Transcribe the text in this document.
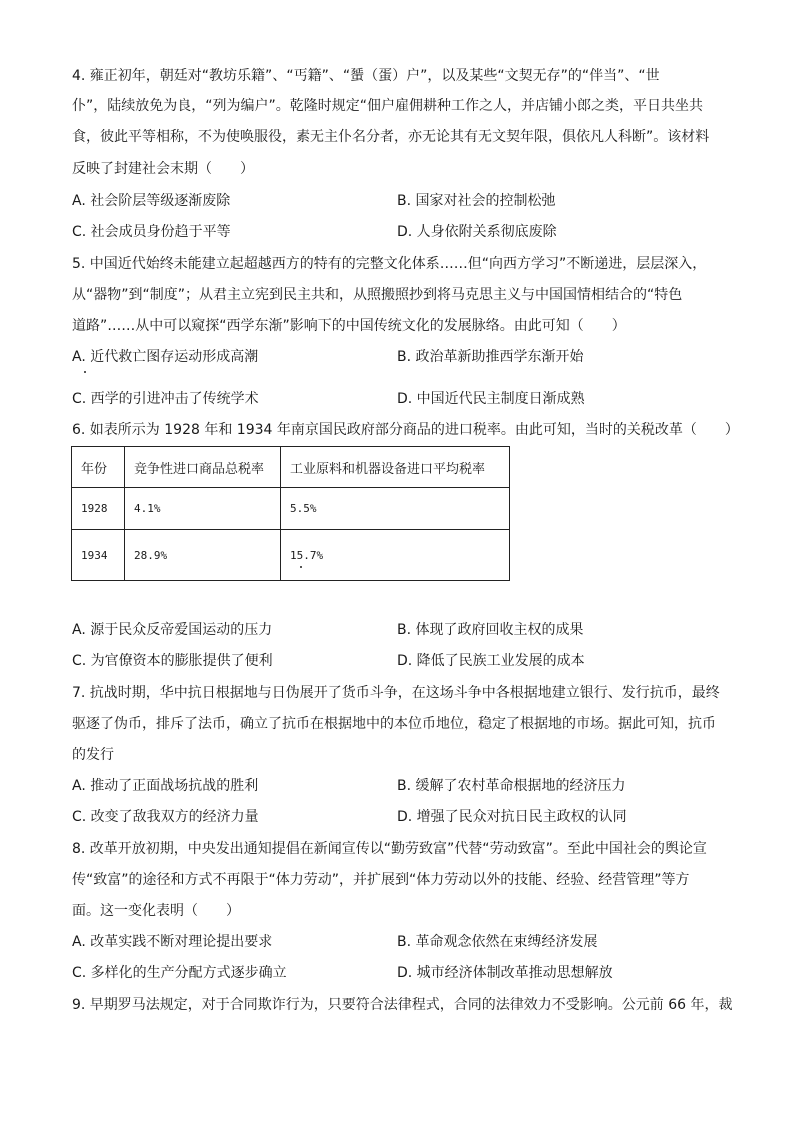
4. 雍正初年，朝廷对“教坊乐籍”、“丐籍”、“蜑（蛋）户”，以及某些“文契无存”的“伴当”、“世
仆”，陆续放免为良，“列为编户”。乾隆时规定“佃户雇佣耕种工作之人，并店铺小郎之类，平日共坐共
食，彼此平等相称，不为使唤服役，素无主仆名分者，亦无论其有无文契年限，俱依凡人科断”。该材料
反映了封建社会末期（　　）
A. 社会阶层等级逐渐废除	B. 国家对社会的控制松弛
C. 社会成员身份趋于平等	D. 人身依附关系彻底废除
5. 中国近代始终未能建立起超越西方的特有的完整文化体系……但“向西方学习”不断递进，层层深入，
从“器物”到“制度”；从君主立宪到民主共和，从照搬照抄到将马克思主义与中国国情相结合的“特色
道路”……从中可以窥探“西学东渐”影响下的中国传统文化的发展脉络。由此可知（　　）
A. 近代救亡图存运动形成高潮	B. 政治革新助推西学东渐开始
C. 西学的引进冲击了传统学术	D. 中国近代民主制度日渐成熟
6. 如表所示为 1928 年和 1934 年南京国民政府部分商品的进口税率。由此可知，当时的关税改革（　　）
年份	竞争性进口商品总税率	工业原料和机器设备进口平均税率
1928	4.1%	5.5%
1934	28.9%	15.7%
A. 源于民众反帝爱国运动的压力	B. 体现了政府回收主权的成果
C. 为官僚资本的膨胀提供了便利	D. 降低了民族工业发展的成本
7. 抗战时期，华中抗日根据地与日伪展开了货币斗争，在这场斗争中各根据地建立银行、发行抗币，最终
驱逐了伪币，排斥了法币，确立了抗币在根据地中的本位币地位，稳定了根据地的市场。据此可知，抗币
的发行
A. 推动了正面战场抗战的胜利	B. 缓解了农村革命根据地的经济压力
C. 改变了敌我双方的经济力量	D. 增强了民众对抗日民主政权的认同
8. 改革开放初期，中央发出通知提倡在新闻宣传以“勤劳致富”代替“劳动致富”。至此中国社会的舆论宣
传“致富”的途径和方式不再限于“体力劳动”，并扩展到“体力劳动以外的技能、经验、经营管理”等方
面。这一变化表明（　　）
A. 改革实践不断对理论提出要求	B. 革命观念依然在束缚经济发展
C. 多样化的生产分配方式逐步确立	D. 城市经济体制改革推动思想解放
9. 早期罗马法规定，对于合同欺诈行为，只要符合法律程式，合同的法律效力不受影响。公元前 66 年，裁
